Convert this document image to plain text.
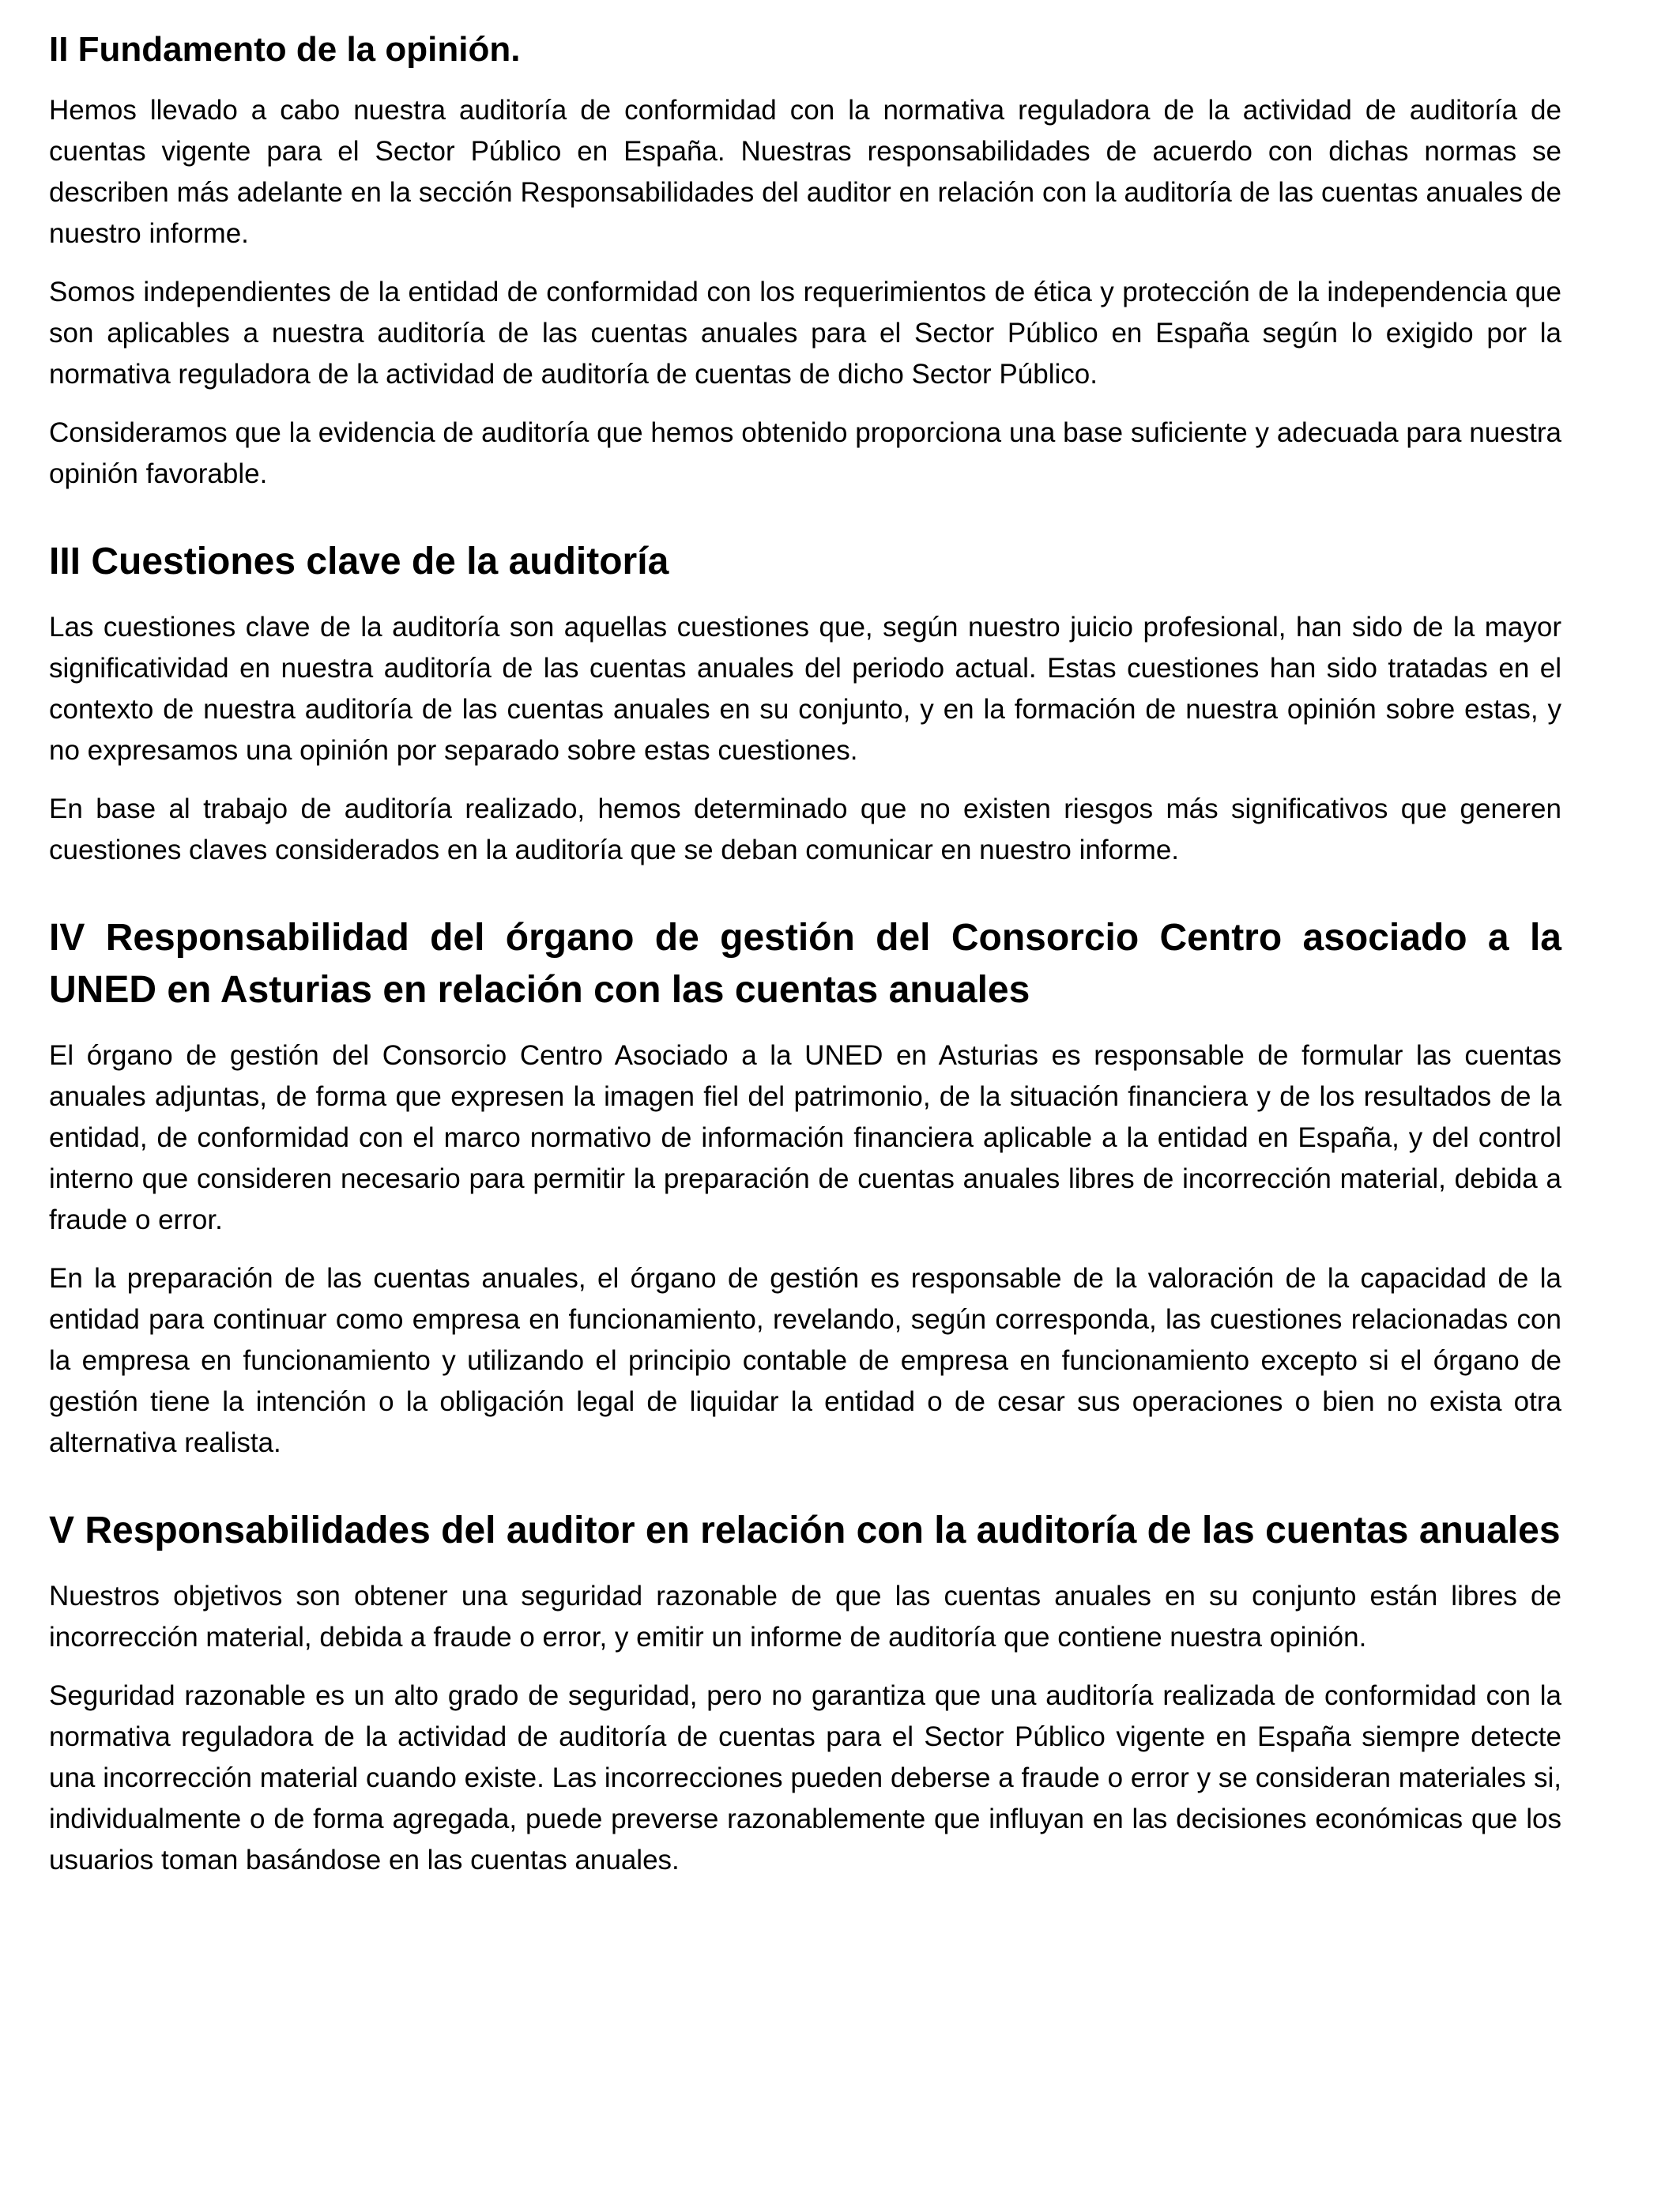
II Fundamento de la opinión.

Hemos llevado a cabo nuestra auditoría de conformidad con la normativa reguladora de la actividad de auditoría de cuentas vigente para el Sector Público en España. Nuestras responsabilidades de acuerdo con dichas normas se describen más adelante en la sección Responsabilidades del auditor en relación con la auditoría de las cuentas anuales de nuestro informe.

Somos independientes de la entidad de conformidad con los requerimientos de ética y protección de la independencia que son aplicables a nuestra auditoría de las cuentas anuales para el Sector Público en España según lo exigido por la normativa reguladora de la actividad de auditoría de cuentas de dicho Sector Público.

Consideramos que la evidencia de auditoría que hemos obtenido proporciona una base suficiente y adecuada para nuestra opinión favorable.

III Cuestiones clave de la auditoría

Las cuestiones clave de la auditoría son aquellas cuestiones que, según nuestro juicio profesional, han sido de la mayor significatividad en nuestra auditoría de las cuentas anuales del periodo actual. Estas cuestiones han sido tratadas en el contexto de nuestra auditoría de las cuentas anuales en su conjunto, y en la formación de nuestra opinión sobre estas, y no expresamos una opinión por separado sobre estas cuestiones.

En base al trabajo de auditoría realizado, hemos determinado que no existen riesgos más significativos que generen cuestiones claves considerados en la auditoría que se deban comunicar en nuestro informe.

IV Responsabilidad del órgano de gestión del Consorcio Centro asociado a la UNED en Asturias en relación con las cuentas anuales

El órgano de gestión del Consorcio Centro Asociado a la UNED en Asturias es responsable de formular las cuentas anuales adjuntas, de forma que expresen la imagen fiel del patrimonio, de la situación financiera y de los resultados de la entidad, de conformidad con el marco normativo de información financiera aplicable a la entidad en España, y del control interno que consideren necesario para permitir la preparación de cuentas anuales libres de incorrección material, debida a fraude o error.

En la preparación de las cuentas anuales, el órgano de gestión es responsable de la valoración de la capacidad de la entidad para continuar como empresa en funcionamiento, revelando, según corresponda, las cuestiones relacionadas con la empresa en funcionamiento y utilizando el principio contable de empresa en funcionamiento excepto si el órgano de gestión tiene la intención o la obligación legal de liquidar la entidad o de cesar sus operaciones o bien no exista otra alternativa realista.

V Responsabilidades del auditor en relación con la auditoría de las cuentas anuales

Nuestros objetivos son obtener una seguridad razonable de que las cuentas anuales en su conjunto están libres de incorrección material, debida a fraude o error, y emitir un informe de auditoría que contiene nuestra opinión.

Seguridad razonable es un alto grado de seguridad, pero no garantiza que una auditoría realizada de conformidad con la normativa reguladora de la actividad de auditoría de cuentas para el Sector Público vigente en España siempre detecte una incorrección material cuando existe. Las incorrecciones pueden deberse a fraude o error y se consideran materiales si, individualmente o de forma agregada, puede preverse razonablemente que influyan en las decisiones económicas que los usuarios toman basándose en las cuentas anuales.
